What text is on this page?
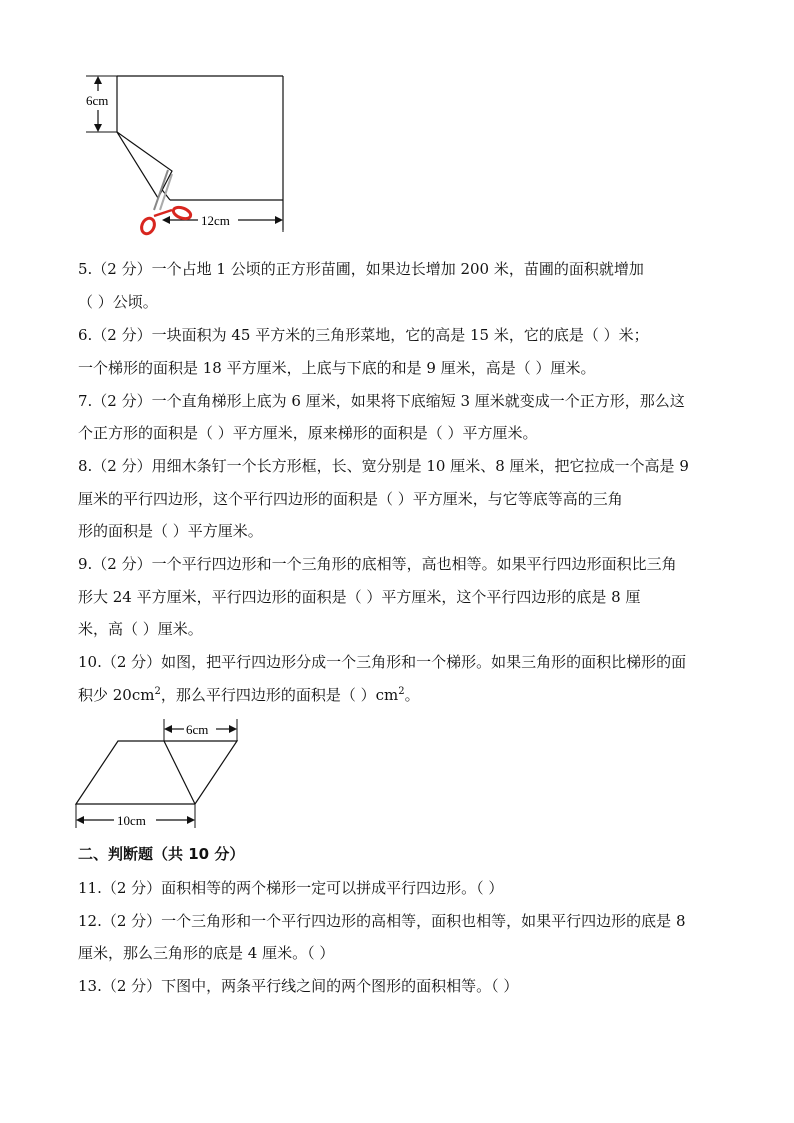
6cm
12cm
5.（2 分）一个占地 1 公顷的正方形苗圃，如果边长增加 200 米，苗圃的面积就增加
（ ）公顷。
6.（2 分）一块面积为 45 平方米的三角形菜地，它的高是 15 米，它的底是（ ）米；
一个梯形的面积是 18 平方厘米，上底与下底的和是 9 厘米，高是（ ）厘米。
7.（2 分）一个直角梯形上底为 6 厘米，如果将下底缩短 3 厘米就变成一个正方形，那么这
个正方形的面积是（ ）平方厘米，原来梯形的面积是（ ）平方厘米。
8.（2 分）用细木条钉一个长方形框，长、宽分别是 10 厘米、8 厘米，把它拉成一个高是 9
厘米的平行四边形，这个平行四边形的面积是（ ）平方厘米，与它等底等高的三角
形的面积是（ ）平方厘米。
9.（2 分）一个平行四边形和一个三角形的底相等，高也相等。如果平行四边形面积比三角
形大 24 平方厘米，平行四边形的面积是（ ）平方厘米，这个平行四边形的底是 8 厘
米，高（ ）厘米。
10.（2 分）如图，把平行四边形分成一个三角形和一个梯形。如果三角形的面积比梯形的面
积少 $20cm^2$，那么平行四边形的面积是（ ）$cm^2$。
6cm
10cm
二、判断题（共 10 分）
11.（2 分）面积相等的两个梯形一定可以拼成平行四边形。（ ）
12.（2 分）一个三角形和一个平行四边形的高相等，面积也相等，如果平行四边形的底是 8
厘米，那么三角形的底是 4 厘米。（ ）
13.（2 分）下图中，两条平行线之间的两个图形的面积相等。（ ）
